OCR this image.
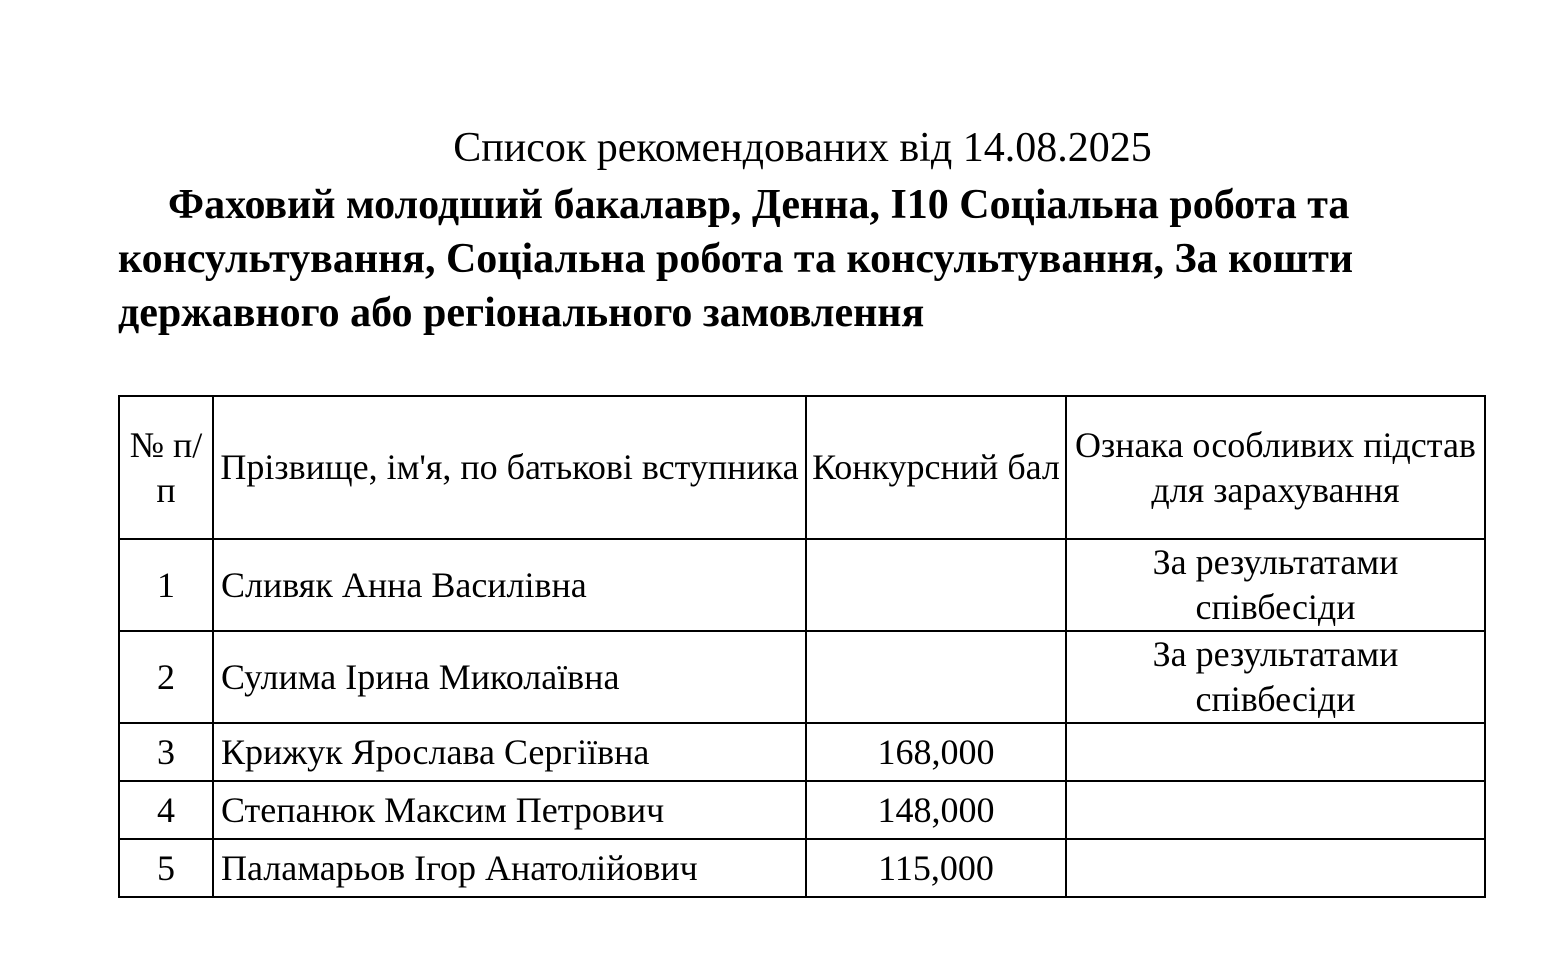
Список рекомендованих від 14.08.2025
Фаховий молодший бакалавр, Денна, I10 Соціальна робота та консультування, Соціальна робота та консультування, За кошти державного або регіонального замовлення
№ п/п	Прізвище, ім'я, по батькові вступника	Конкурсний бал	Ознака особливих підстав для зарахування
1	Сливяк Анна Василівна		За результатами співбесіди
2	Сулима Ірина Миколаївна		За результатами співбесіди
3	Крижук Ярослава Сергіївна	168,000	
4	Степанюк Максим Петрович	148,000	
5	Паламарьов Ігор Анатолійович	115,000	
